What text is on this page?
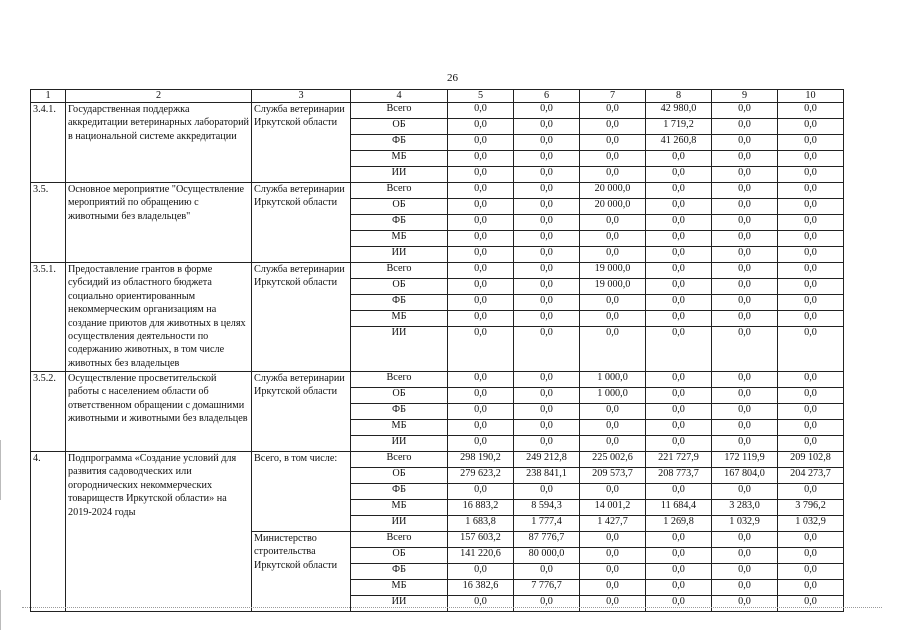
26
1	2	3	4	5	6	7	8	9	10
3.4.1.	Государственная поддержка аккредитации ветеринарных лабораторий в национальной системе аккредитации	Служба ветеринарии Иркутской области	Всего	0,0	0,0	0,0	42 980,0	0,0	0,0
			ОБ	0,0	0,0	0,0	1 719,2	0,0	0,0
			ФБ	0,0	0,0	0,0	41 260,8	0,0	0,0
			МБ	0,0	0,0	0,0	0,0	0,0	0,0
			ИИ	0,0	0,0	0,0	0,0	0,0	0,0
3.5.	Основное мероприятие "Осуществление мероприятий по обращению с животными без владельцев"	Служба ветеринарии Иркутской области	Всего	0,0	0,0	20 000,0	0,0	0,0	0,0
			ОБ	0,0	0,0	20 000,0	0,0	0,0	0,0
			ФБ	0,0	0,0	0,0	0,0	0,0	0,0
			МБ	0,0	0,0	0,0	0,0	0,0	0,0
			ИИ	0,0	0,0	0,0	0,0	0,0	0,0
3.5.1.	Предоставление грантов в форме субсидий из областного бюджета социально ориентированным некоммерческим организациям на создание приютов для животных в целях осуществления деятельности по содержанию животных, в том числе животных без владельцев	Служба ветеринарии Иркутской области	Всего	0,0	0,0	19 000,0	0,0	0,0	0,0
			ОБ	0,0	0,0	19 000,0	0,0	0,0	0,0
			ФБ	0,0	0,0	0,0	0,0	0,0	0,0
			МБ	0,0	0,0	0,0	0,0	0,0	0,0
			ИИ	0,0	0,0	0,0	0,0	0,0	0,0
3.5.2.	Осуществление просветительской работы с населением области об ответственном обращении с домашними животными и животными без владельцев	Служба ветеринарии Иркутской области	Всего	0,0	0,0	1 000,0	0,0	0,0	0,0
			ОБ	0,0	0,0	1 000,0	0,0	0,0	0,0
			ФБ	0,0	0,0	0,0	0,0	0,0	0,0
			МБ	0,0	0,0	0,0	0,0	0,0	0,0
			ИИ	0,0	0,0	0,0	0,0	0,0	0,0
4.	Подпрограмма «Создание условий для развития садоводческих или огороднических некоммерческих товариществ Иркутской области» на 2019-2024 годы	Всего, в том числе:	Всего	298 190,2	249 212,8	225 002,6	221 727,9	172 119,9	209 102,8
			ОБ	279 623,2	238 841,1	209 573,7	208 773,7	167 804,0	204 273,7
			ФБ	0,0	0,0	0,0	0,0	0,0	0,0
			МБ	16 883,2	8 594,3	14 001,2	11 684,4	3 283,0	3 796,2
			ИИ	1 683,8	1 777,4	1 427,7	1 269,8	1 032,9	1 032,9
		Министерство строительства Иркутской области	Всего	157 603,2	87 776,7	0,0	0,0	0,0	0,0
			ОБ	141 220,6	80 000,0	0,0	0,0	0,0	0,0
			ФБ	0,0	0,0	0,0	0,0	0,0	0,0
			МБ	16 382,6	7 776,7	0,0	0,0	0,0	0,0
			ИИ	0,0	0,0	0,0	0,0	0,0	0,0
